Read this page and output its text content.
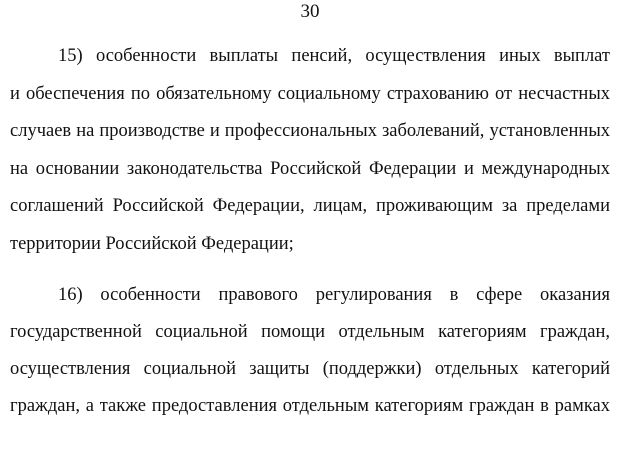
30
15) особенности выплаты пенсий, осуществления иных выплат
и обеспечения по обязательному социальному страхованию от несчастных
случаев на производстве и профессиональных заболеваний, установленных
на основании законодательства Российской Федерации и международных
соглашений Российской Федерации, лицам, проживающим за пределами
территории Российской Федерации;
16) особенности правового регулирования в сфере оказания
государственной социальной помощи отдельным категориям граждан,
осуществления социальной защиты (поддержки) отдельных категорий
граждан, а также предоставления отдельным категориям граждан в рамках
